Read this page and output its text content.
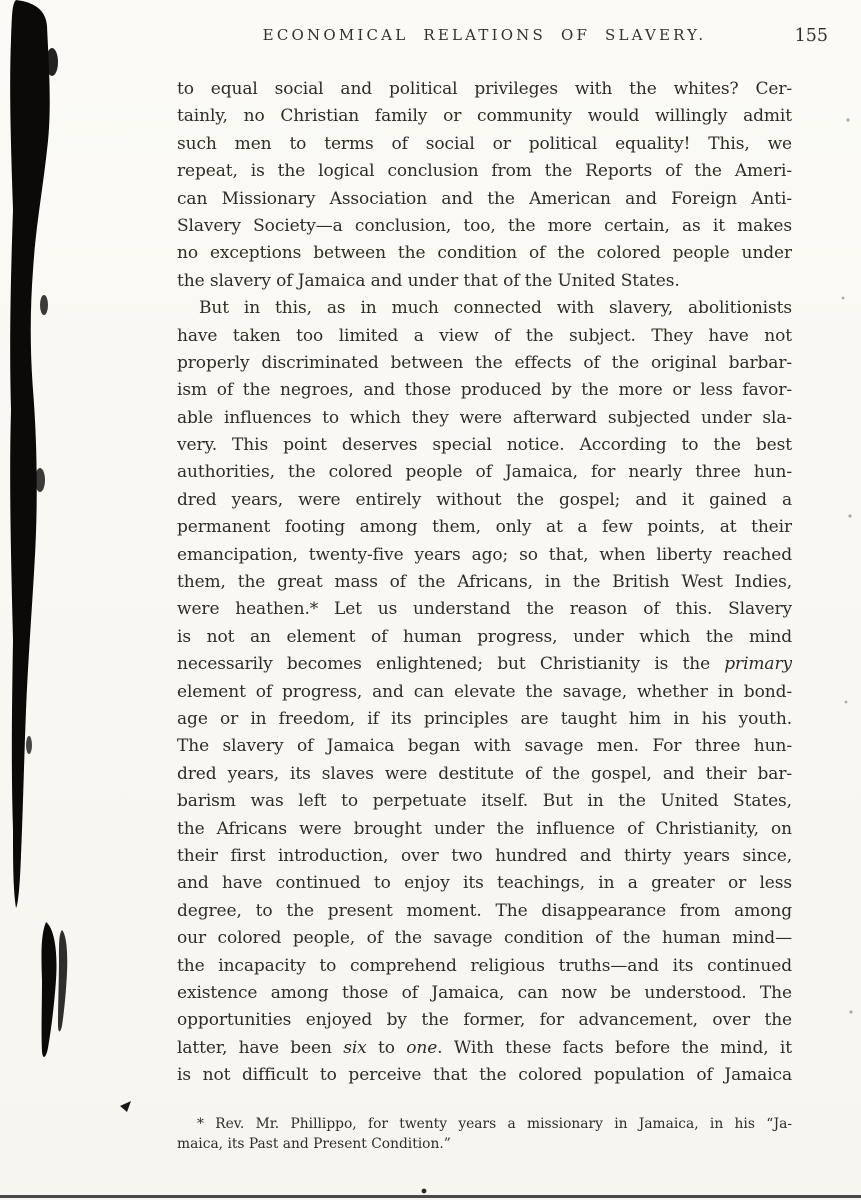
ECONOMICAL RELATIONS OF SLAVERY.	155
to equal social and political privileges with the whites? Cer-
tainly, no Christian family or community would willingly admit
such men to terms of social or political equality! This, we
repeat, is the logical conclusion from the Reports of the Ameri-
can Missionary Association and the American and Foreign Anti-
Slavery Society—a conclusion, too, the more certain, as it makes
no exceptions between the condition of the colored people under
the slavery of Jamaica and under that of the United States.
But in this, as in much connected with slavery, abolitionists
have taken too limited a view of the subject. They have not
properly discriminated between the effects of the original barbar-
ism of the negroes, and those produced by the more or less favor-
able influences to which they were afterward subjected under sla-
very. This point deserves special notice. According to the best
authorities, the colored people of Jamaica, for nearly three hun-
dred years, were entirely without the gospel; and it gained a
permanent footing among them, only at a few points, at their
emancipation, twenty-five years ago; so that, when liberty reached
them, the great mass of the Africans, in the British West Indies,
were heathen.* Let us understand the reason of this. Slavery
is not an element of human progress, under which the mind
necessarily becomes enlightened; but Christianity is the primary
element of progress, and can elevate the savage, whether in bond-
age or in freedom, if its principles are taught him in his youth.
The slavery of Jamaica began with savage men. For three hun-
dred years, its slaves were destitute of the gospel, and their bar-
barism was left to perpetuate itself. But in the United States,
the Africans were brought under the influence of Christianity, on
their first introduction, over two hundred and thirty years since,
and have continued to enjoy its teachings, in a greater or less
degree, to the present moment. The disappearance from among
our colored people, of the savage condition of the human mind—
the incapacity to comprehend religious truths—and its continued
existence among those of Jamaica, can now be understood. The
opportunities enjoyed by the former, for advancement, over the
latter, have been six to one. With these facts before the mind, it
is not difficult to perceive that the colored population of Jamaica
* Rev. Mr. Phillippo, for twenty years a missionary in Jamaica, in his “Ja-
maica, its Past and Present Condition.”
